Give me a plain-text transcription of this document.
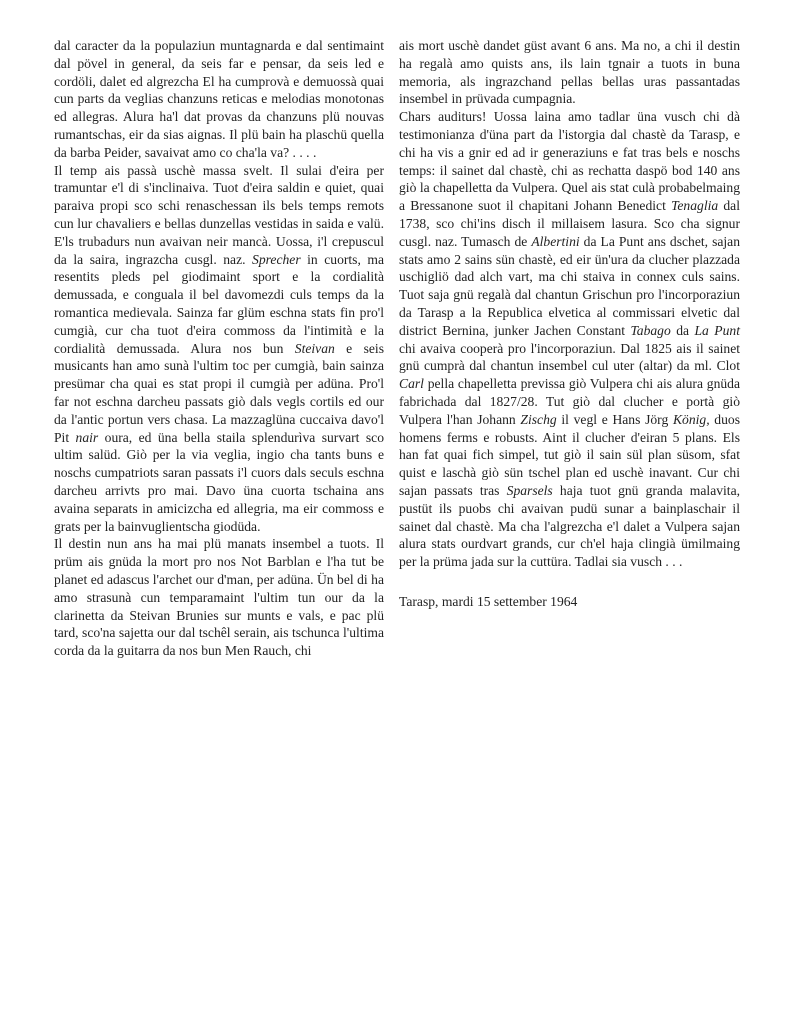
dal caracter da la populaziun muntagnarda e dal sentimaint dal pövel in general, da seis far e pensar, da seis led e cordöli, dalet ed algrezcha El ha cumprovà e demuossà quai cun parts da veglias chanzuns reticas e melodias monotonas ed allegras. Alura ha'l dat provas da chanzuns plü nouvas rumantschas, eir da sias aignas. Il plü bain ha plaschü quella da barba Peider, savaivat amo co cha'la va? . . . .

Il temp ais passà uschè massa svelt. Il sulai d'eira per tramuntar e'l di s'inclinaiva. Tuot d'eira saldin e quiet, quai paraiva propi sco schi renaschessan ils bels temps remots cun lur chavaliers e bellas dunzellas vestidas in saida e valü. E'ls trubadurs nun avaivan neir mancà. Uossa, i'l crepuscul da la saira, ingrazcha cusgl. naz. Sprecher in cuorts, ma resentits pleds pel giodimaint sport e la cordialità demussada, e conguala il bel davomezdi culs temps da la romantica medievala. Sainza far glüm eschna stats fin pro'l cumgià, cur cha tuot d'eira commoss da l'intimità e la cordialità demussada. Alura nos bun Steivan e seis musicants han amo sunà l'ultim toc per cumgià, bain sainza presümar cha quai es stat propi il cumgià per adüna. Pro'l far not eschna darcheu passats giò dals vegls cortils ed our da l'antic portun vers chasa. La mazzaglüna cuccaiva davo'l Pit nair oura, ed üna bella staila splendurìva survart sco ultim salüd. Giò per la via veglia, ingio cha tants buns e noschs cumpatriots saran passats i'l cuors dals seculs eschna darcheu arrivts pro mai. Davo üna cuorta tschaina ans avaina separats in amicizcha ed allegria, ma eir commoss e grats per la bainvuglientscha giodüda.

Il destin nun ans ha mai plü manats insembel a tuots. Il prüm ais gnüda la mort pro nos Not Barblan e l'ha tut be planet ed adascus l'archet our d'man, per adüna. Ün bel di ha amo strasunà cun temparamaint l'ultim tun our da la clarinetta da Steivan Brunies sur munts e vals, e pac plü tard, sco'na sajetta our dal tschêl serain, ais tschunca l'ultima corda da la guitarra da nos bun Men Rauch, chi

ais mort uschè dandet güst avant 6 ans. Ma no, a chi il destin ha regalà amo quists ans, ils lain tgnair a tuots in buna memoria, als ingrazchand pellas bellas uras passantadas insembel in prüvada cumpagnia.

Chars auditurs! Uossa laina amo tadlar üna vusch chi dà testimonianza d'üna part da l'istorgia dal chastè da Tarasp, e chi ha vis a gnir ed ad ir generaziuns e fat tras bels e noschs temps: il sainet dal chastè, chi as rechatta daspö bod 140 ans giò la chapelletta da Vulpera. Quel ais stat culà probabelmaing a Bressanone suot il chapitani Johann Benedict Tenaglia dal 1738, sco chi'ins disch il millaisem lasura. Sco cha signur cusgl. naz. Tumasch de Albertini da La Punt ans dschet, sajan stats amo 2 sains sün chastè, ed eir ün'ura da clucher plazzada uschigliö dad alch vart, ma chi staiva in connex culs sains. Tuot saja gnü regalà dal chantun Grischun pro l'incorporaziun da Tarasp a la Republica elvetica al commissari elvetic dal district Bernina, junker Jachen Constant Tabago da La Punt chi avaiva cooperà pro l'incorporaziun. Dal 1825 ais il sainet gnü cumprà dal chantun insembel cul uter (altar) da ml. Clot Carl pella chapelletta previssa giò Vulpera chi ais alura gnüda fabrichada dal 1827/28. Tut giò dal clucher e portà giò Vulpera l'han Johann Zischg il vegl e Hans Jörg König, duos homens ferms e robusts. Aint il clucher d'eiran 5 plans. Els han fat quai fich simpel, tut giò il sain sül plan süsom, sfat quist e laschà giò sün tschel plan ed uschè inavant. Cur chi sajan passats tras Sparsels haja tuot gnü granda malavita, pustüt ils puobs chi avaivan pudü sunar a bainplaschair il sainet dal chastè. Ma cha l'algrezcha e'l dalet a Vulpera sajan alura stats ourdvart grands, cur ch'el haja clingià ümilmaing per la prüma jada sur la cuttüra. Tadlai sia vusch . . .

Tarasp, mardi 15 settember 1964
